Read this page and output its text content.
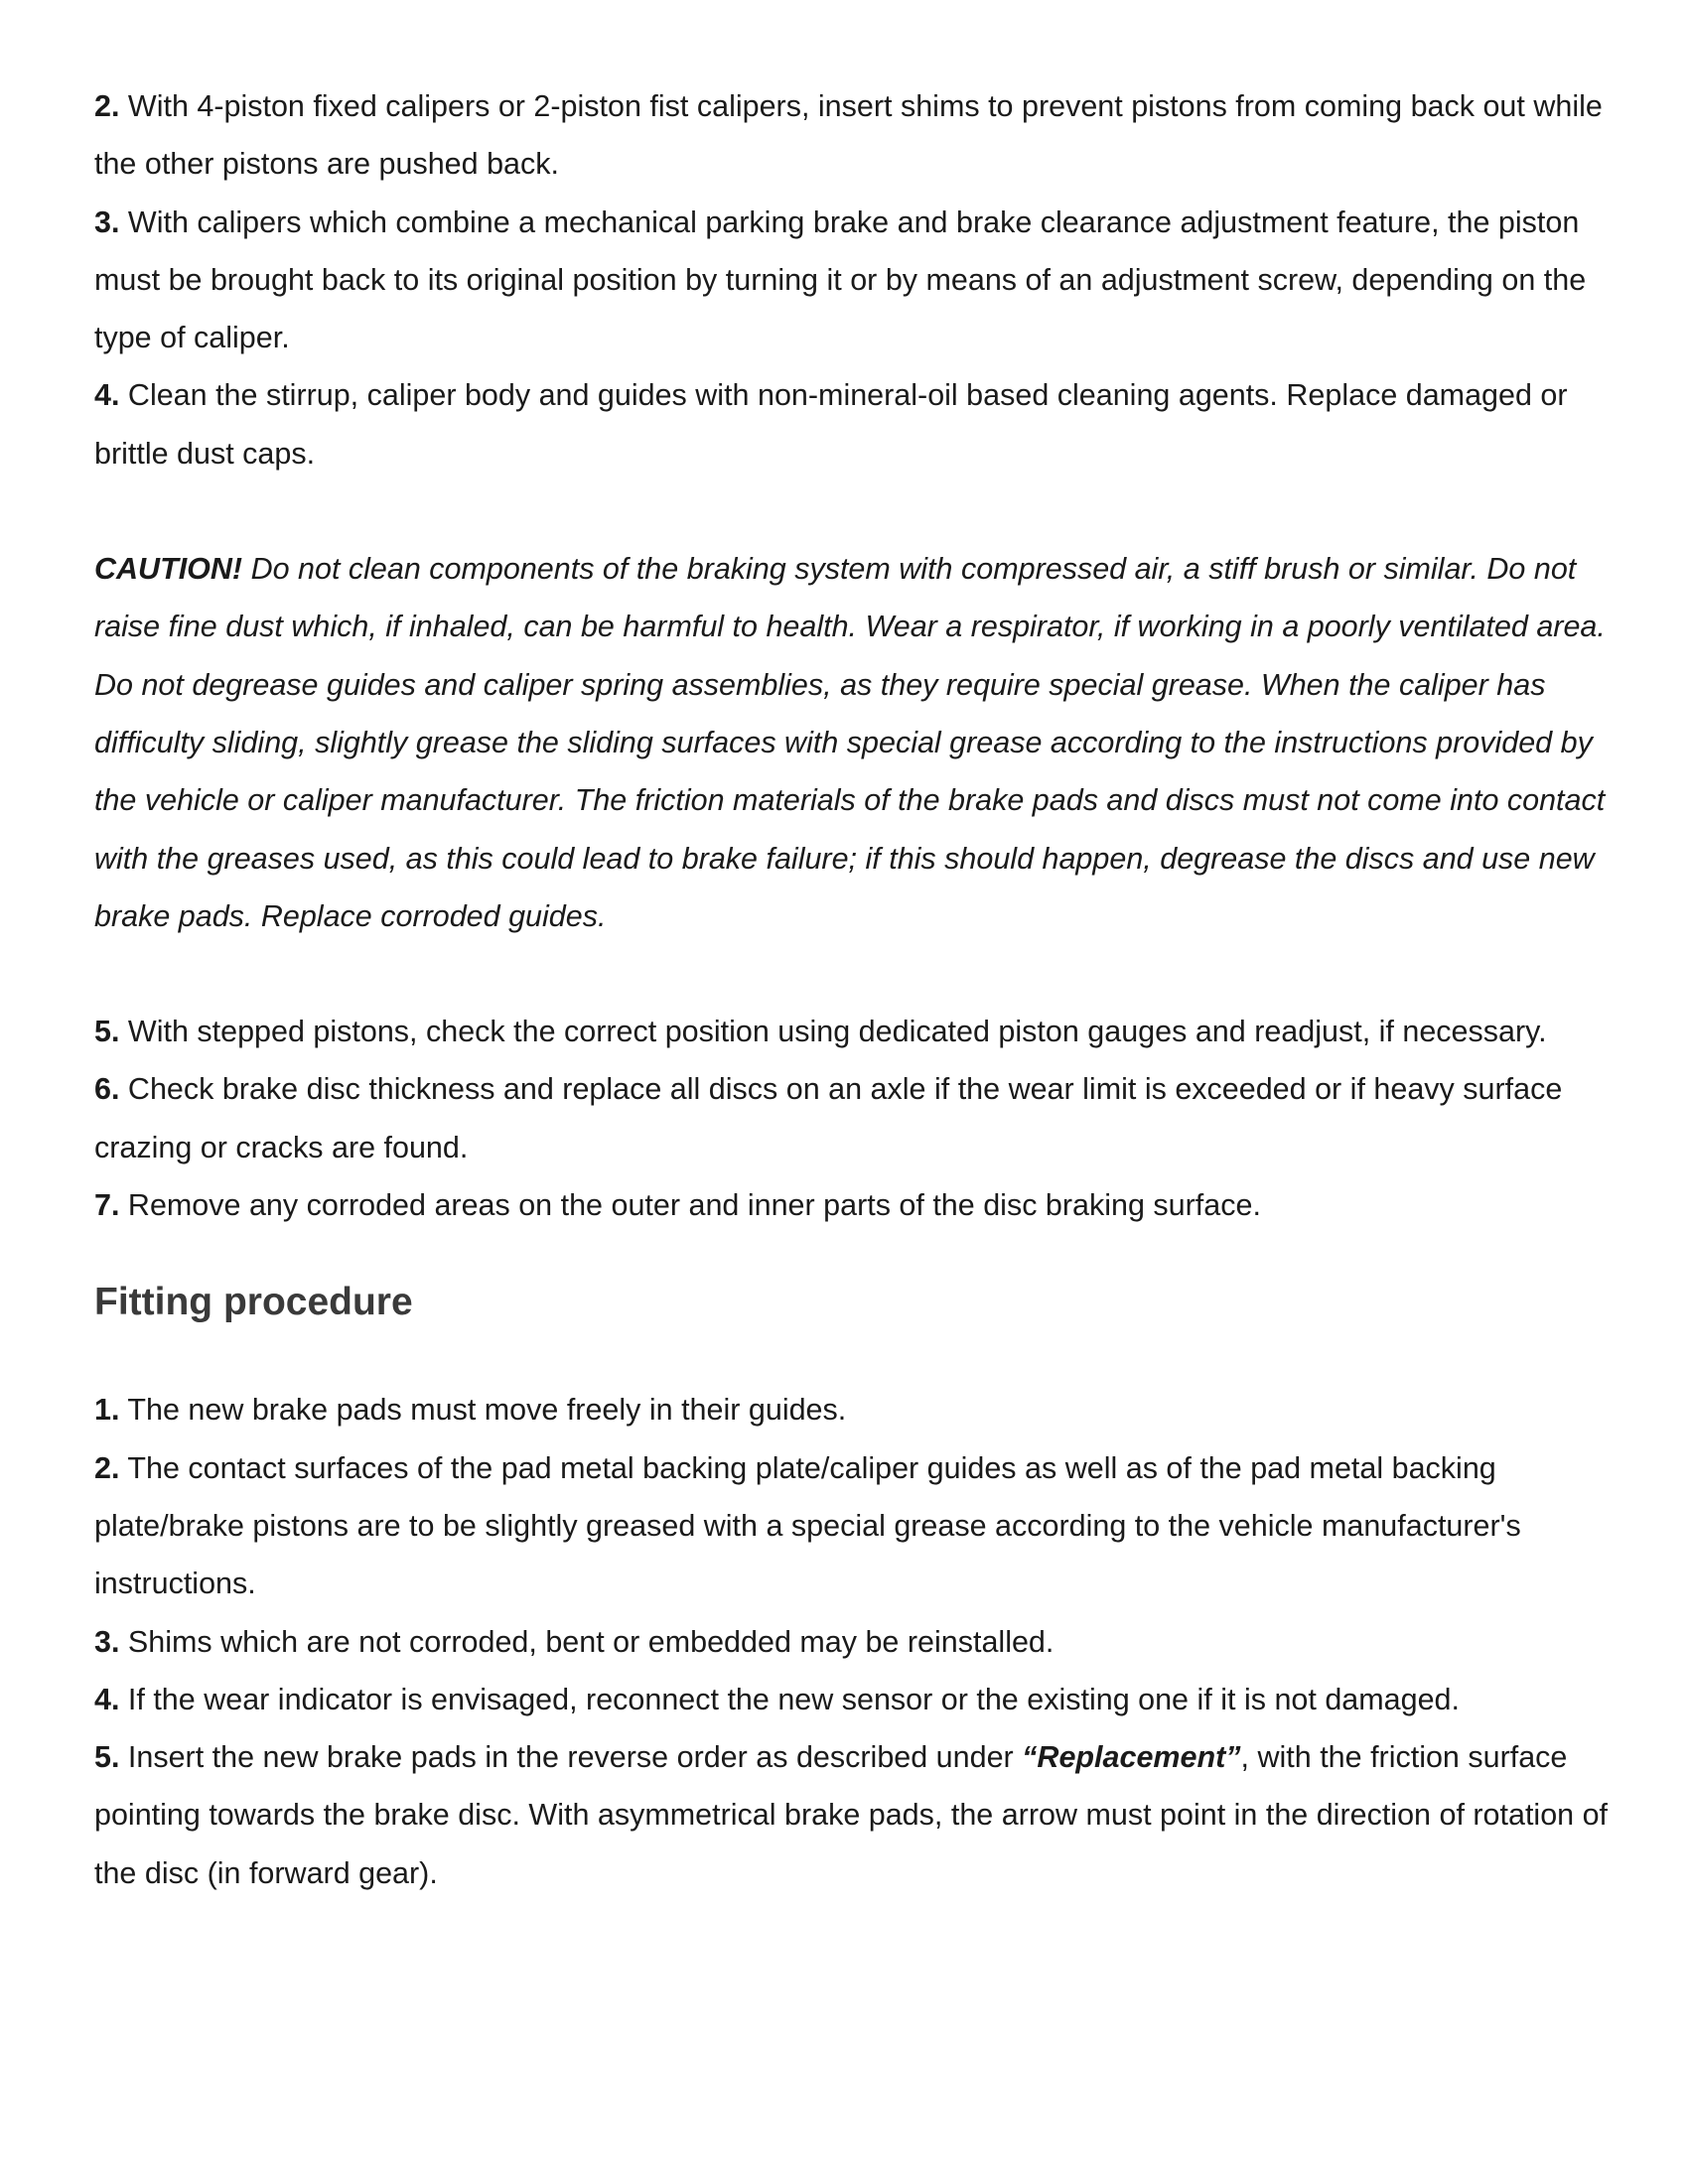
2. With 4-piston fixed calipers or 2-piston fist calipers, insert shims to prevent pistons from coming back out while the other pistons are pushed back.

3. With calipers which combine a mechanical parking brake and brake clearance adjustment feature, the piston must be brought back to its original position by turning it or by means of an adjustment screw, depending on the type of caliper.

4. Clean the stirrup, caliper body and guides with non-mineral-oil based cleaning agents. Replace damaged or brittle dust caps.

CAUTION! Do not clean components of the braking system with compressed air, a stiff brush or similar. Do not raise fine dust which, if inhaled, can be harmful to health. Wear a respirator, if working in a poorly ventilated area. Do not degrease guides and caliper spring assemblies, as they require special grease. When the caliper has difficulty sliding, slightly grease the sliding surfaces with special grease according to the instructions provided by the vehicle or caliper manufacturer. The friction materials of the brake pads and discs must not come into contact with the greases used, as this could lead to brake failure; if this should happen, degrease the discs and use new brake pads. Replace corroded guides.

5. With stepped pistons, check the correct position using dedicated piston gauges and readjust, if necessary.

6. Check brake disc thickness and replace all discs on an axle if the wear limit is exceeded or if heavy surface crazing or cracks are found.

7. Remove any corroded areas on the outer and inner parts of the disc braking surface.

Fitting procedure

1. The new brake pads must move freely in their guides.

2. The contact surfaces of the pad metal backing plate/caliper guides as well as of the pad metal backing plate/brake pistons are to be slightly greased with a special grease according to the vehicle manufacturer's instructions.

3. Shims which are not corroded, bent or embedded may be reinstalled.

4. If the wear indicator is envisaged, reconnect the new sensor or the existing one if it is not damaged.

5. Insert the new brake pads in the reverse order as described under “Replacement”, with the friction surface pointing towards the brake disc. With asymmetrical brake pads, the arrow must point in the direction of rotation of the disc (in forward gear).
